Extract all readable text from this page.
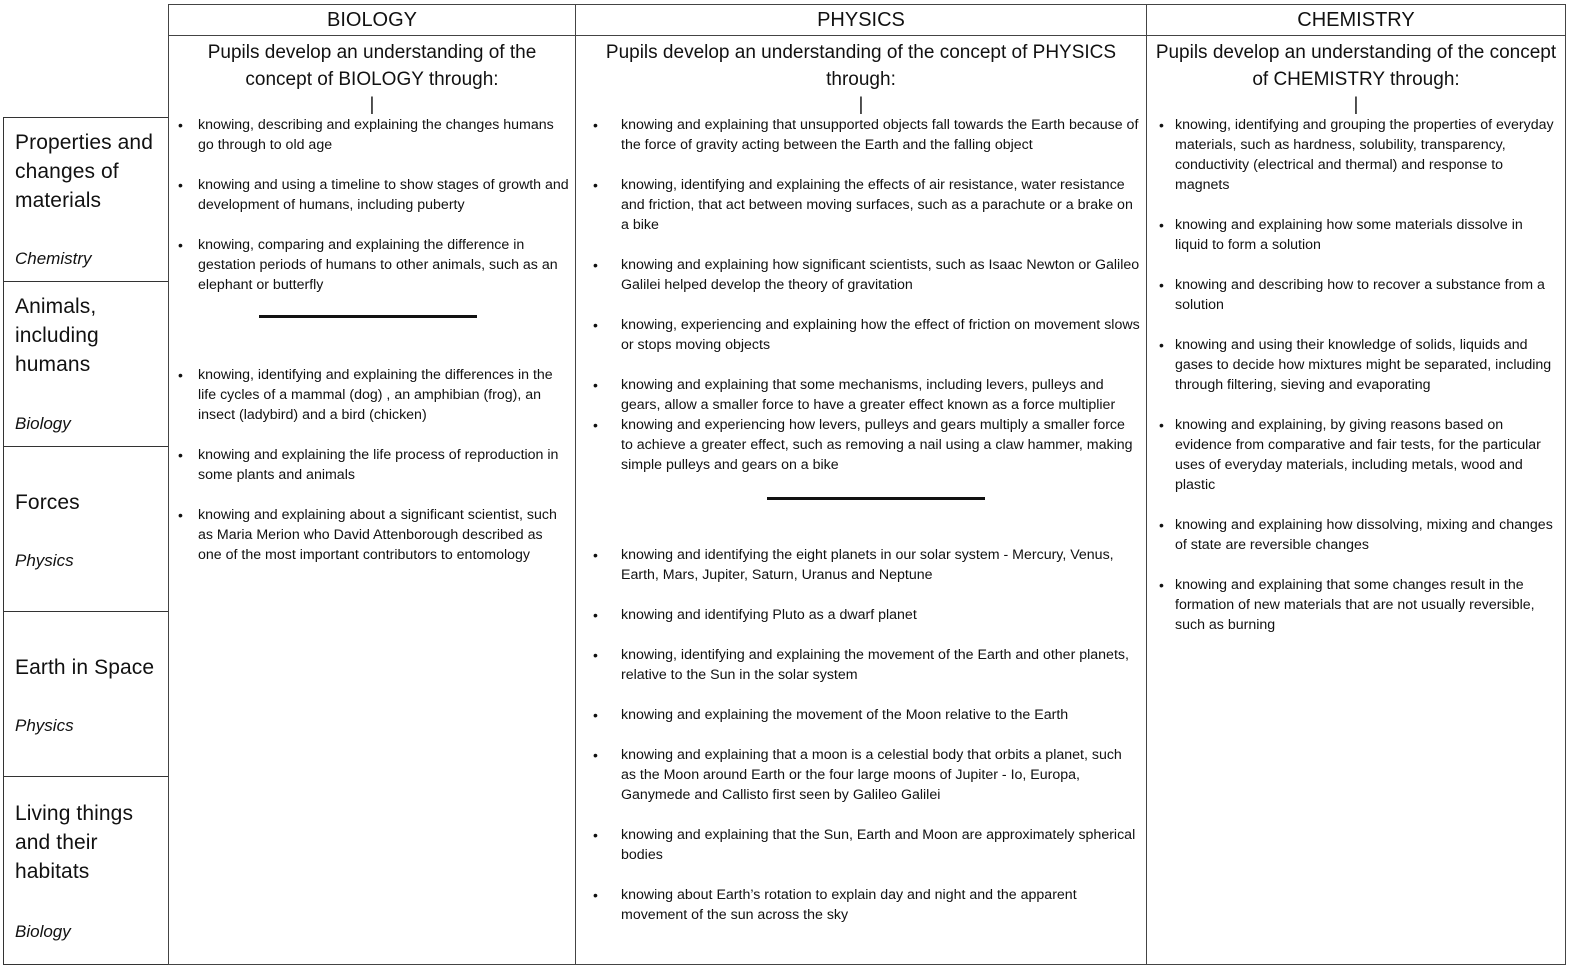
Properties and changes of materials
Chemistry
Animals, including humans
Biology
Forces
Physics
Earth in Space
Physics
Living things and their habitats
Biology
BIOLOGY
Pupils develop an understanding of the concept of BIOLOGY through:
|
• knowing, describing and explaining the changes humans go through to old age
• knowing and using a timeline to show stages of growth and development of humans, including puberty
• knowing, comparing and explaining the difference in gestation periods of humans to other animals, such as an elephant or butterfly
• knowing, identifying and explaining the differences in the life cycles of a mammal (dog) , an amphibian (frog), an insect (ladybird) and a bird (chicken)
• knowing and explaining the life process of reproduction in some plants and animals
• knowing and explaining about a significant scientist, such as Maria Merion who David Attenborough described as one of the most important contributors to entomology
PHYSICS
Pupils develop an understanding of the concept of PHYSICS through:
|
• knowing and explaining that unsupported objects fall towards the Earth because of the force of gravity acting between the Earth and the falling object
• knowing, identifying and explaining the effects of air resistance, water resistance and friction, that act between moving surfaces, such as a parachute or a brake on a bike
• knowing and explaining how significant scientists, such as Isaac Newton or Galileo Galilei helped develop the theory of gravitation
• knowing, experiencing and explaining how the effect of friction on movement slows or stops moving objects
• knowing and explaining that some mechanisms, including levers, pulleys and gears, allow a smaller force to have a greater effect known as a force multiplier
• knowing and experiencing how levers, pulleys and gears multiply a smaller force to achieve a greater effect, such as removing a nail using a claw hammer, making simple pulleys and gears on a bike
• knowing and identifying the eight planets in our solar system - Mercury, Venus, Earth, Mars, Jupiter, Saturn, Uranus and Neptune
• knowing and identifying Pluto as a dwarf planet
• knowing, identifying and explaining the movement of the Earth and other planets, relative to the Sun in the solar system
• knowing and explaining the movement of the Moon relative to the Earth
• knowing and explaining that a moon is a celestial body that orbits a planet, such as the Moon around Earth or the four large moons of Jupiter - Io, Europa, Ganymede and Callisto first seen by Galileo Galilei
• knowing and explaining that the Sun, Earth and Moon are approximately spherical bodies
• knowing about Earth’s rotation to explain day and night and the apparent movement of the sun across the sky
CHEMISTRY
Pupils develop an understanding of the concept of CHEMISTRY through:
|
• knowing, identifying and grouping the properties of everyday materials, such as hardness, solubility, transparency, conductivity (electrical and thermal) and response to magnets
• knowing and explaining how some materials dissolve in liquid to form a solution
• knowing and describing how to recover a substance from a solution
• knowing and using their knowledge of solids, liquids and gases to decide how mixtures might be separated, including through filtering, sieving and evaporating
• knowing and explaining, by giving reasons based on evidence from comparative and fair tests, for the particular uses of everyday materials, including metals, wood and plastic
• knowing and explaining how dissolving, mixing and changes of state are reversible changes
• knowing and explaining that some changes result in the formation of new materials that are not usually reversible, such as burning
